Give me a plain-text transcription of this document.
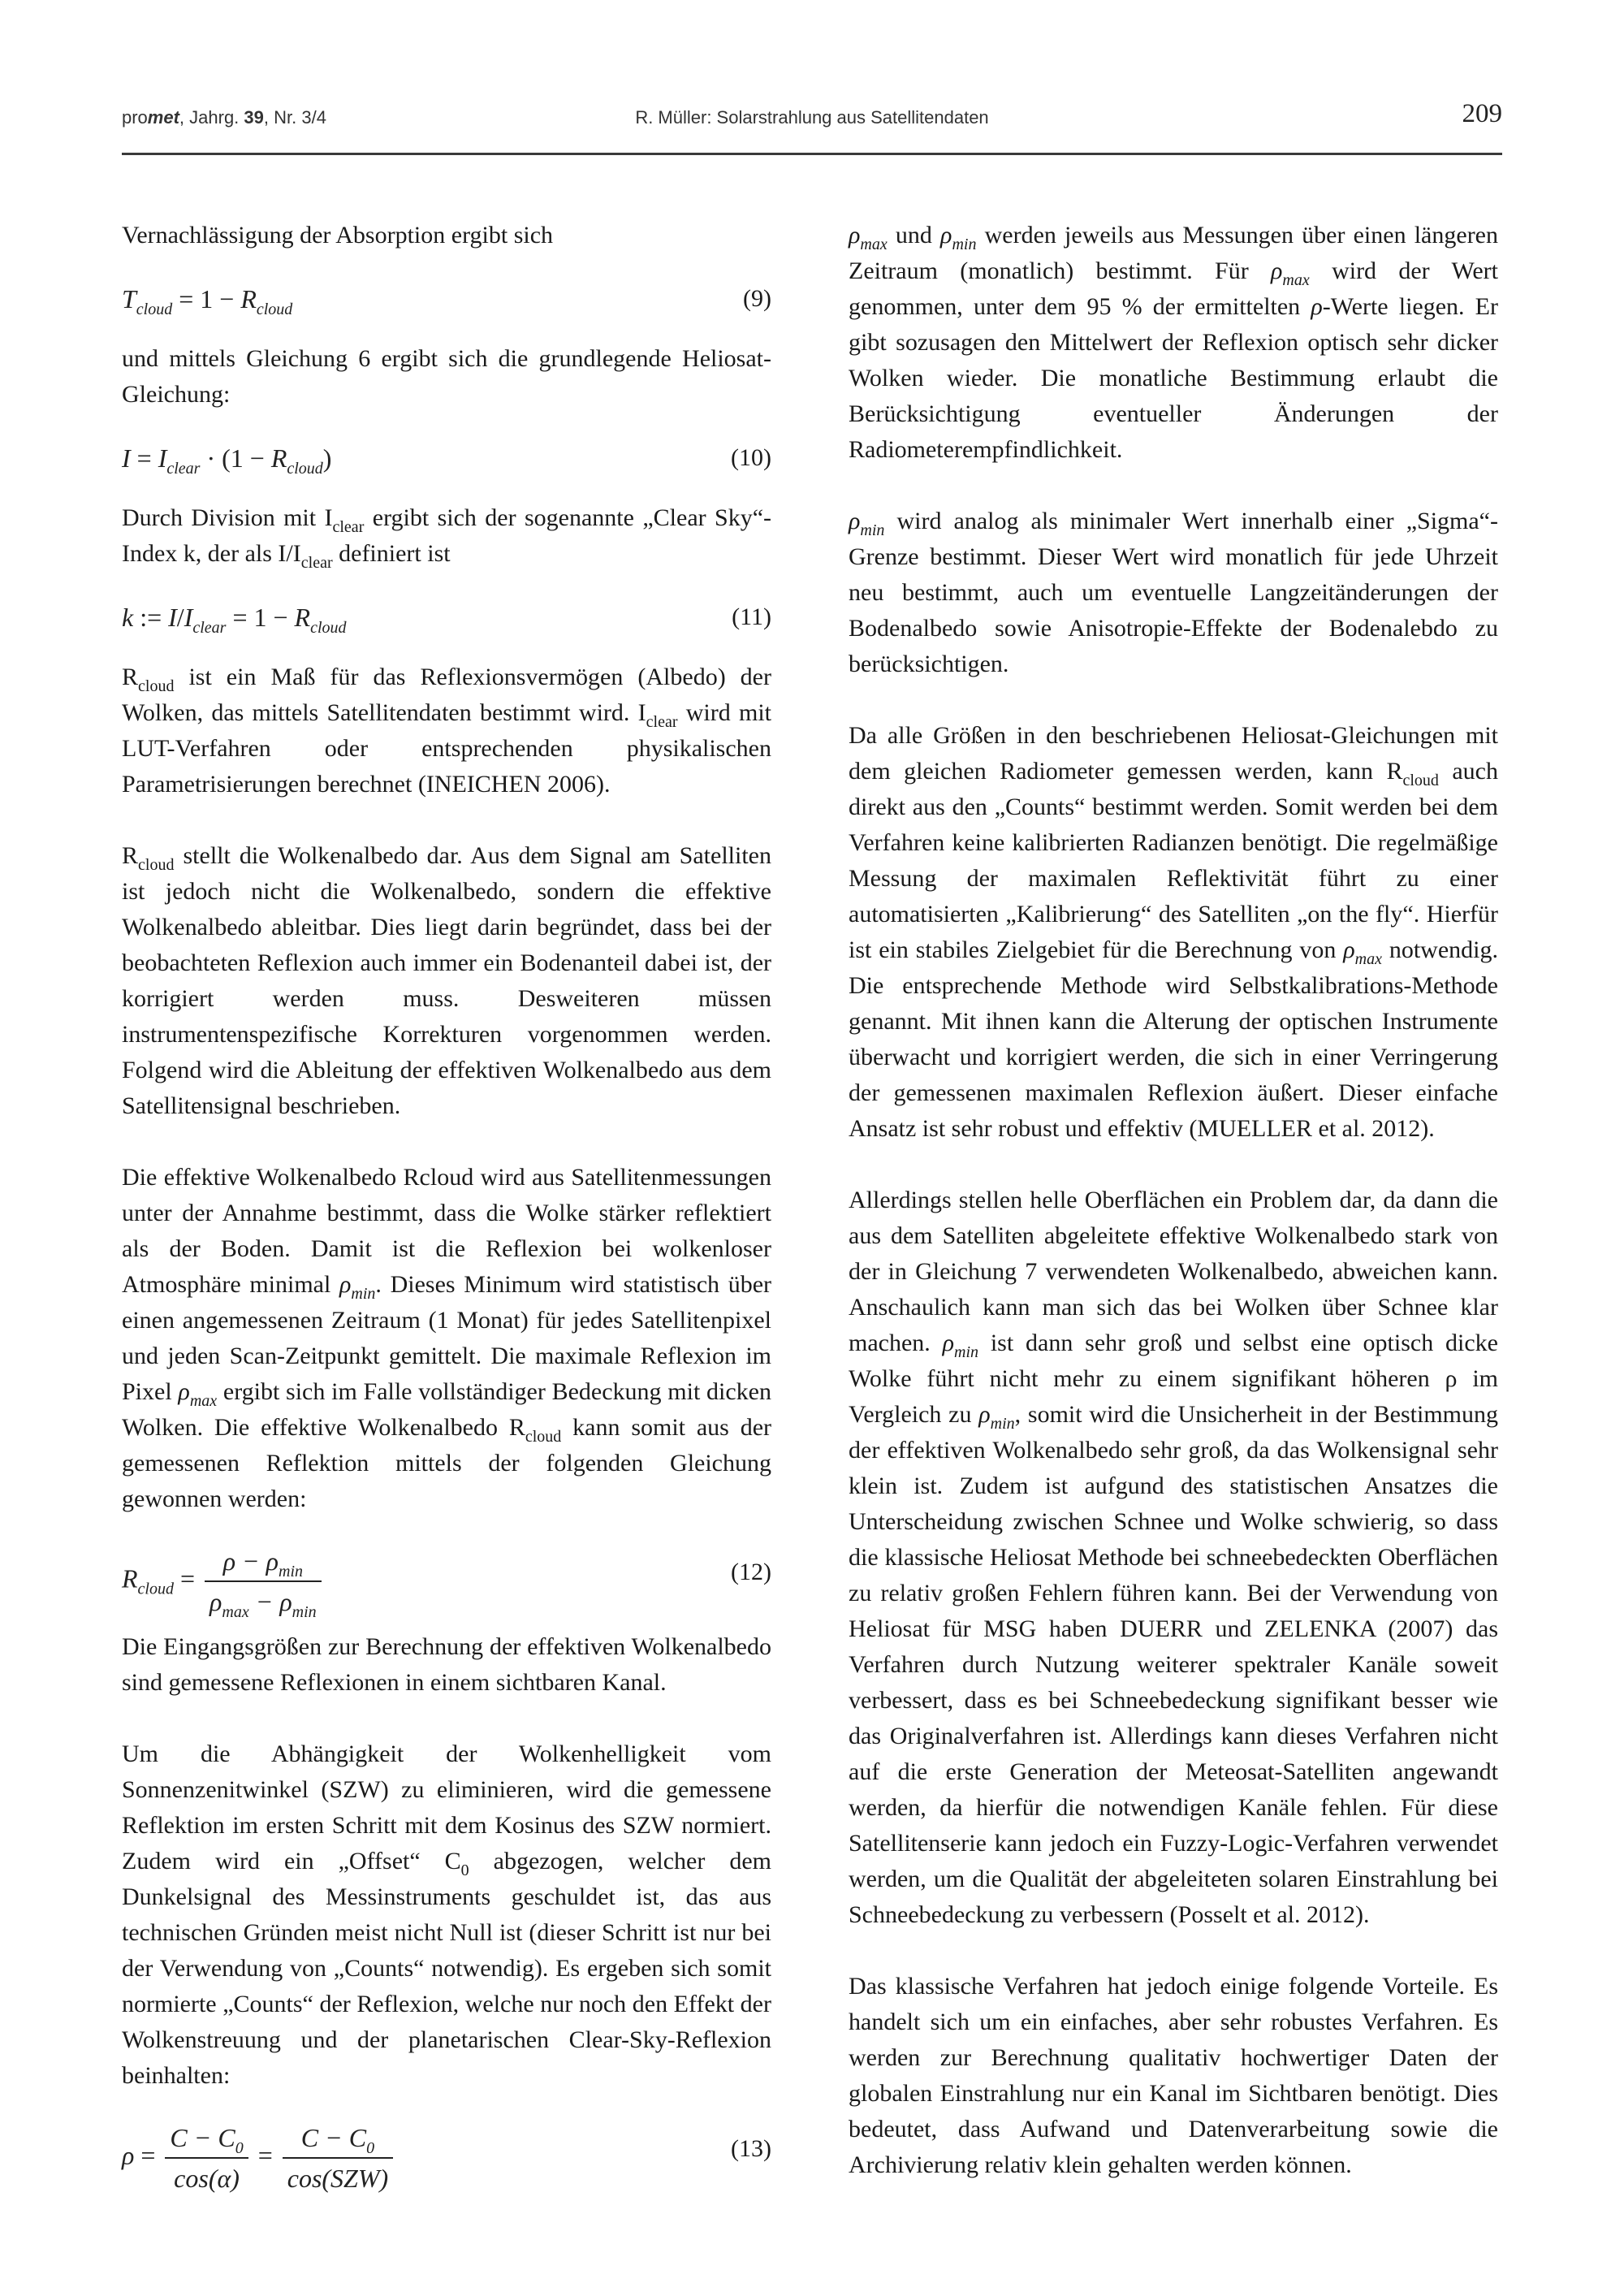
promet, Jahrg. 39, Nr. 3/4	R. Müller: Solarstrahlung aus Satellitendaten	209

Vernachlässigung der Absorption ergibt sich

$T_{cloud} = 1 - R_{cloud}$	(9)

und mittels Gleichung 6 ergibt sich die grundlegende Heliosat-Gleichung:

$I = I_{clear} \cdot (1 - R_{cloud})$	(10)

Durch Division mit $I_{clear}$ ergibt sich der sogenannte „Clear Sky“-Index k, der als $I/I_{clear}$ definiert ist

k := $I/I_{clear} = 1 - R_{cloud}$	(11)

$R_{cloud}$ ist ein Maß für das Reflexionsvermögen (Albedo) der Wolken, das mittels Satellitendaten bestimmt wird. $I_{clear}$ wird mit LUT-Verfahren oder entsprechenden physikalischen Parametrisierungen berechnet (INEICHEN 2006).

$R_{cloud}$ stellt die Wolkenalbedo dar. Aus dem Signal am Satelliten ist jedoch nicht die Wolkenalbedo, sondern die effektive Wolkenalbedo ableitbar. Dies liegt darin begründet, dass bei der beobachteten Reflexion auch immer ein Bodenanteil dabei ist, der korrigiert werden muss. Desweiteren müssen instrumentenspezifische Korrekturen vorgenommen werden. Folgend wird die Ableitung der effektiven Wolkenalbedo aus dem Satellitensignal beschrieben.

Die effektive Wolkenalbedo Rcloud wird aus Satellitenmessungen unter der Annahme bestimmt, dass die Wolke stärker reflektiert als der Boden. Damit ist die Reflexion bei wolkenloser Atmosphäre minimal $\rho_{min}$. Dieses Minimum wird statistisch über einen angemessenen Zeitraum (1 Monat) für jedes Satellitenpixel und jeden Scan-Zeitpunkt gemittelt. Die maximale Reflexion im Pixel $\rho_{max}$ ergibt sich im Falle vollständiger Bedeckung mit dicken Wolken. Die effektive Wolkenalbedo $R_{cloud}$ kann somit aus der gemessenen Reflektion mittels der folgenden Gleichung gewonnen werden:

$R_{cloud} = \frac{\rho - \rho_{min}}{\rho_{max} - \rho_{min}}$	(12)

Die Eingangsgrößen zur Berechnung der effektiven Wolkenalbedo sind gemessene Reflexionen in einem sichtbaren Kanal.

Um die Abhängigkeit der Wolkenhelligkeit vom Sonnenzenitwinkel (SZW) zu eliminieren, wird die gemessene Reflektion im ersten Schritt mit dem Kosinus des SZW normiert. Zudem wird ein „Offset“ $C_0$ abgezogen, welcher dem Dunkelsignal des Messinstruments geschuldet ist, das aus technischen Gründen meist nicht Null ist (dieser Schritt ist nur bei der Verwendung von „Counts“ notwendig). Es ergeben sich somit normierte „Counts“ der Reflexion, welche nur noch den Effekt der Wolkenstreuung und der planetarischen Clear-Sky-Reflexion beinhalten:

$\rho = \frac{C - C_0}{\cos(\alpha)} = \frac{C - C_0}{\text{cos(SZW)}}$	(13)

$\rho_{max}$ und $\rho_{min}$ werden jeweils aus Messungen über einen längeren Zeitraum (monatlich) bestimmt. Für $\rho_{max}$ wird der Wert genommen, unter dem 95 % der ermittelten ρ-Werte liegen. Er gibt sozusagen den Mittelwert der Reflexion optisch sehr dicker Wolken wieder. Die monatliche Bestimmung erlaubt die Berücksichtigung eventueller Änderungen der Radiometerempfindlichkeit.

$\rho_{min}$ wird analog als minimaler Wert innerhalb einer „Sigma“-Grenze bestimmt. Dieser Wert wird monatlich für jede Uhrzeit neu bestimmt, auch um eventuelle Langzeitänderungen der Bodenalbedo sowie Anisotropie-Effekte der Bodenalebdo zu berücksichtigen.

Da alle Größen in den beschriebenen Heliosat-Gleichungen mit dem gleichen Radiometer gemessen werden, kann $R_{cloud}$ auch direkt aus den „Counts“ bestimmt werden. Somit werden bei dem Verfahren keine kalibrierten Radianzen benötigt. Die regelmäßige Messung der maximalen Reflektivität führt zu einer automatisierten „Kalibrierung“ des Satelliten „on the fly“. Hierfür ist ein stabiles Zielgebiet für die Berechnung von $\rho_{max}$ notwendig. Die entsprechende Methode wird Selbstkalibrations-Methode genannt. Mit ihnen kann die Alterung der optischen Instrumente überwacht und korrigiert werden, die sich in einer Verringerung der gemessenen maximalen Reflexion äußert. Dieser einfache Ansatz ist sehr robust und effektiv (MUELLER et al. 2012).

Allerdings stellen helle Oberflächen ein Problem dar, da dann die aus dem Satelliten abgeleitete effektive Wolkenalbedo stark von der in Gleichung 7 verwendeten Wolkenalbedo, abweichen kann. Anschaulich kann man sich das bei Wolken über Schnee klar machen. $\rho_{min}$ ist dann sehr groß und selbst eine optisch dicke Wolke führt nicht mehr zu einem signifikant höheren ρ im Vergleich zu $\rho_{min}$, somit wird die Unsicherheit in der Bestimmung der effektiven Wolkenalbedo sehr groß, da das Wolkensignal sehr klein ist. Zudem ist aufgund des statistischen Ansatzes die Unterscheidung zwischen Schnee und Wolke schwierig, so dass die klassische Heliosat Methode bei schneebedeckten Oberflächen zu relativ großen Fehlern führen kann. Bei der Verwendung von Heliosat für MSG haben DUERR und ZELENKA (2007) das Verfahren durch Nutzung weiterer spektraler Kanäle soweit verbessert, dass es bei Schneebedeckung signifikant besser wie das Originalverfahren ist. Allerdings kann dieses Verfahren nicht auf die erste Generation der Meteosat-Satelliten angewandt werden, da hierfür die notwendigen Kanäle fehlen. Für diese Satellitenserie kann jedoch ein Fuzzy-Logic-Verfahren verwendet werden, um die Qualität der abgeleiteten solaren Einstrahlung bei Schneebedeckung zu verbessern (Posselt et al. 2012).

Das klassische Verfahren hat jedoch einige folgende Vorteile. Es handelt sich um ein einfaches, aber sehr robustes Verfahren. Es werden zur Berechnung qualitativ hochwertiger Daten der globalen Einstrahlung nur ein Kanal im Sichtbaren benötigt. Dies bedeutet, dass Aufwand und Datenverarbeitung sowie die Archivierung relativ klein gehalten werden können.
